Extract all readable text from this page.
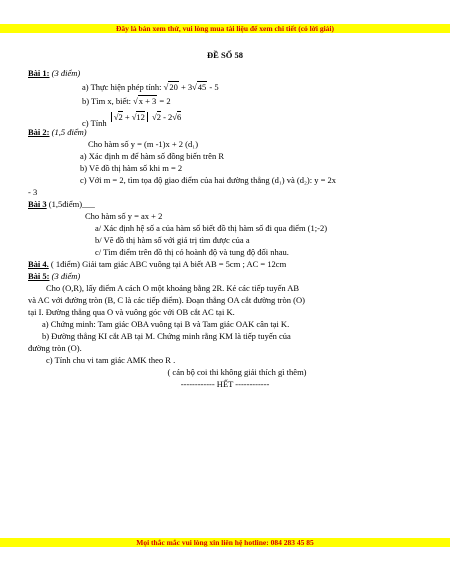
Đây là bản xem thử, vui lòng mua tài liệu để xem chi tiết (có lời giải)
ĐỀ SỐ 58
Bài 1: (3 điểm)
a) Thực hiện phép tính: √20 + 3√45 - 5
b) Tìm x, biết: √x + 3 = 2
c) Tính √2 + √12 √2 - 2√6
Bài 2: (1,5 điểm)
Cho hàm số y = (m -1)x + 2 (d₁)
a) Xác định m để hàm số đồng biến trên R
b) Vẽ đồ thị hàm số khi m = 2
c) Với m = 2, tìm tọa độ giao điểm của hai đường thẳng (d₁) và (d₂): y = 2x
- 3
Bài 3 (1,5điểm)___
Cho hàm số y = ax + 2
a/ Xác định hệ số a của hàm số biết đồ thị hàm số đi qua điểm (1;-2)
b/ Vẽ đồ thị hàm số với giá trị tìm được của a
c/ Tìm điểm trên đồ thị có hoành độ và tung độ đối nhau.
Bài 4. ( 1điểm) Giải tam giác ABC vuông tại A biết AB = 5cm ; AC = 12cm
Bài 5: (3 điểm)
Cho (O,R), lấy điểm A cách O một khoảng bằng 2R. Kẻ các tiếp tuyến AB
và AC với đường tròn (B, C là các tiếp điểm). Đoạn thẳng OA cắt đường tròn (O)
tại I. Đường thẳng qua O và vuông góc với OB cắt AC tại K.
a) Chứng minh: Tam giác OBA vuông tại B và Tam giác OAK cân tại K.
b) Đường thẳng KI cắt AB tại M. Chứng minh rằng KM là tiếp tuyến của
đường tròn (O).
c) Tính chu vi tam giác AMK theo R .
( cán bộ coi thi không giải thích gì thêm)
------------ HẾT ------------
Mọi thắc mắc vui lòng xin liên hệ hotline: 084 283 45 85
